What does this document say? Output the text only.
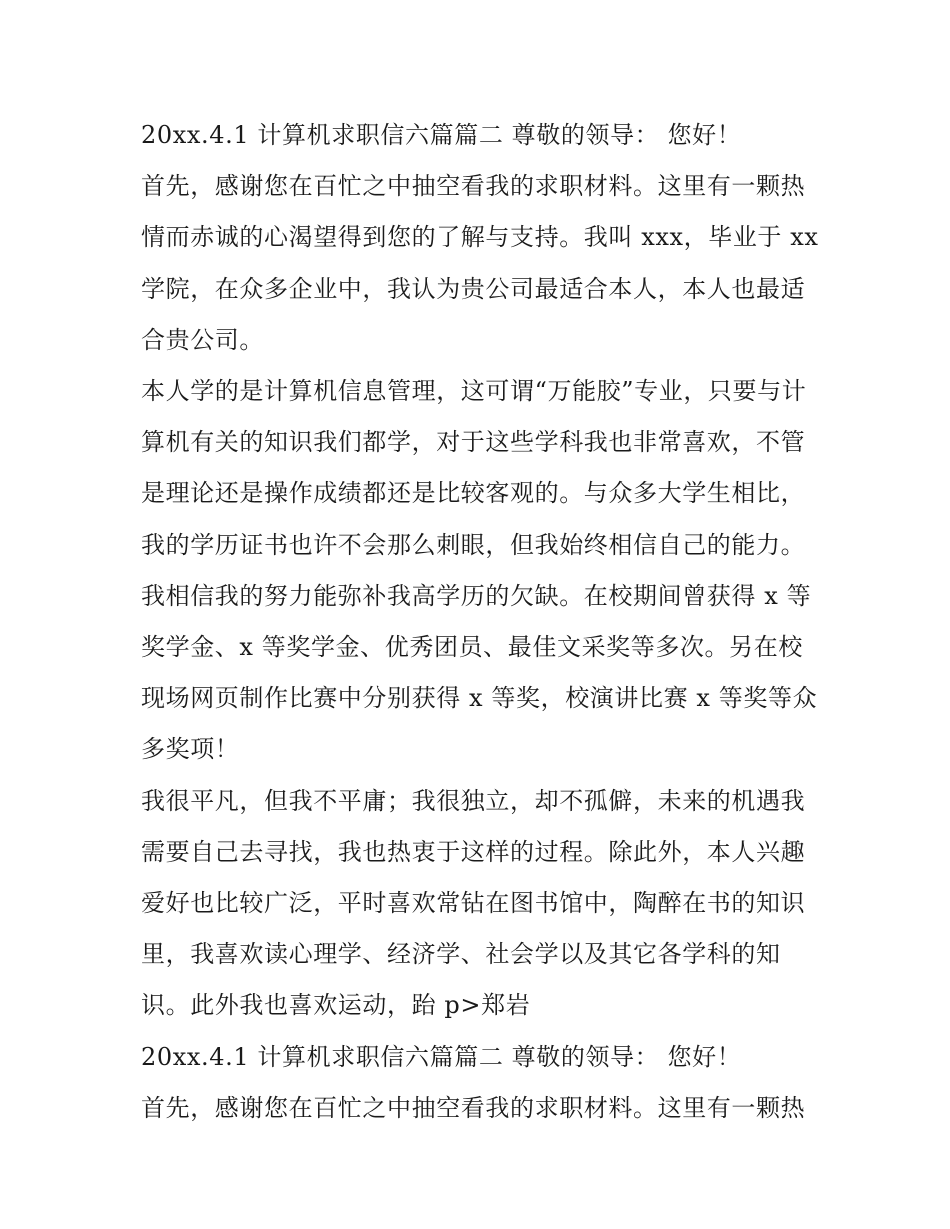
20xx.4.1 计算机求职信六篇篇二 尊敬的领导： 您好！

首先，感谢您在百忙之中抽空看我的求职材料。这里有一颗热情而赤诚的心渴望得到您的了解与支持。我叫 xxx，毕业于 xx 学院，在众多企业中，我认为贵公司最适合本人，本人也最适合贵公司。

本人学的是计算机信息管理，这可谓“万能胶”专业，只要与计算机有关的知识我们都学，对于这些学科我也非常喜欢，不管是理论还是操作成绩都还是比较客观的。与众多大学生相比，我的学历证书也许不会那么刺眼，但我始终相信自己的能力。我相信我的努力能弥补我高学历的欠缺。在校期间曾获得 x 等奖学金、x 等奖学金、优秀团员、最佳文采奖等多次。另在校现场网页制作比赛中分别获得 x 等奖，校演讲比赛 x 等奖等众多奖项！

我很平凡，但我不平庸；我很独立，却不孤僻，未来的机遇我需要自己去寻找，我也热衷于这样的过程。除此外，本人兴趣爱好也比较广泛，平时喜欢常钻在图书馆中，陶醉在书的知识里，我喜欢读心理学、经济学、社会学以及其它各学科的知识。此外我也喜欢运动，跆 p>郑岩

20xx.4.1 计算机求职信六篇篇二 尊敬的领导： 您好！

首先，感谢您在百忙之中抽空看我的求职材料。这里有一颗热
